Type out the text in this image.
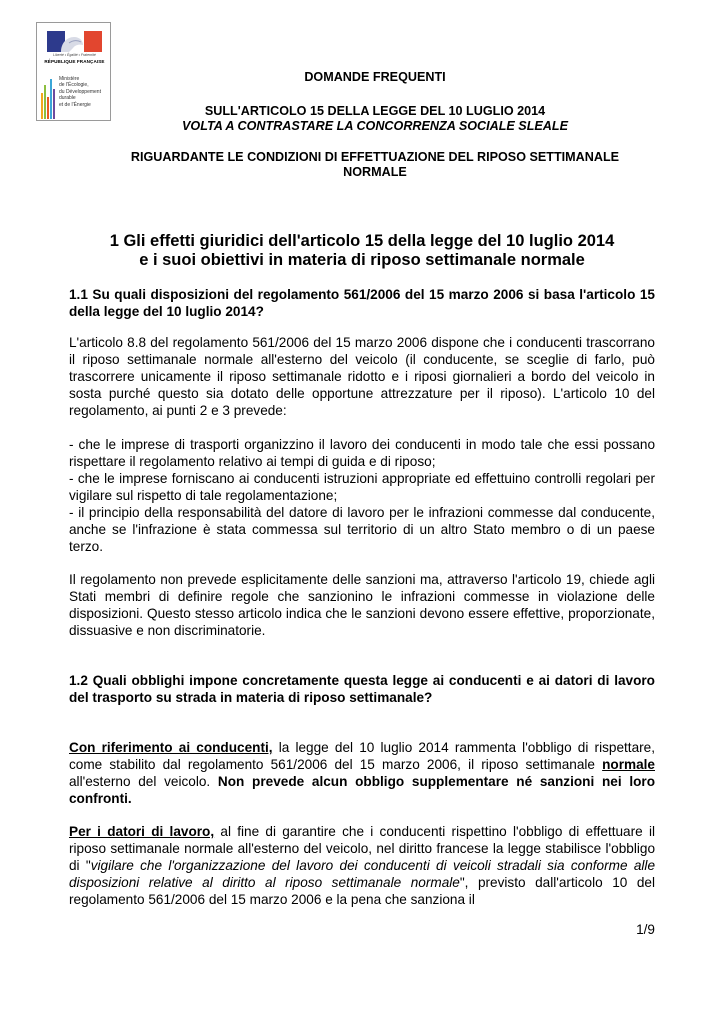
Liberté • Égalité • Fraternité
RÉPUBLIQUE FRANÇAISE
Ministère
de l'Écologie,
du Développement
durable
et de l'Énergie
DOMANDE FREQUENTI
SULL'ARTICOLO 15 DELLA LEGGE DEL 10 LUGLIO 2014
VOLTA A CONTRASTARE LA CONCORRENZA SOCIALE SLEALE
RIGUARDANTE LE CONDIZIONI DI EFFETTUAZIONE DEL RIPOSO SETTIMANALE
NORMALE
1 Gli effetti giuridici dell'articolo 15 della legge del 10 luglio 2014
e i suoi obiettivi in materia di riposo settimanale normale
1.1 Su quali disposizioni del regolamento 561/2006 del 15 marzo 2006 si basa l'articolo 15 della legge del 10 luglio 2014?
L'articolo 8.8 del regolamento 561/2006 del 15 marzo 2006 dispone che i conducenti trascorrano il riposo settimanale normale all'esterno del veicolo (il conducente, se sceglie di farlo, può trascorrere unicamente il riposo settimanale ridotto e i riposi giornalieri a bordo del veicolo in sosta purché questo sia dotato delle opportune attrezzature per il riposo). L'articolo 10 del regolamento, ai punti 2 e 3 prevede:
- che le imprese di trasporti organizzino il lavoro dei conducenti in modo tale che essi possano rispettare il regolamento relativo ai tempi di guida e di riposo;
- che le imprese forniscano ai conducenti istruzioni appropriate ed effettuino controlli regolari per vigilare sul rispetto di tale regolamentazione;
- il principio della responsabilità del datore di lavoro per le infrazioni commesse dal conducente, anche se l'infrazione è stata commessa sul territorio di un altro Stato membro o di un paese terzo.
Il regolamento non prevede esplicitamente delle sanzioni ma, attraverso l'articolo 19, chiede agli Stati membri di definire regole che sanzionino le infrazioni commesse in violazione delle disposizioni. Questo stesso articolo indica che le sanzioni devono essere effettive, proporzionate, dissuasive e non discriminatorie.
1.2 Quali obblighi impone concretamente questa legge ai conducenti e ai datori di lavoro del trasporto su strada in materia di riposo settimanale?
Con riferimento ai conducenti, la legge del 10 luglio 2014 rammenta l'obbligo di rispettare, come stabilito dal regolamento 561/2006 del 15 marzo 2006, il riposo settimanale normale all'esterno del veicolo. Non prevede alcun obbligo supplementare né sanzioni nei loro confronti.
Per i datori di lavoro, al fine di garantire che i conducenti rispettino l'obbligo di effettuare il riposo settimanale normale all'esterno del veicolo, nel diritto francese la legge stabilisce l'obbligo di "vigilare che l'organizzazione del lavoro dei conducenti di veicoli stradali sia conforme alle disposizioni relative al diritto al riposo settimanale normale", previsto dall'articolo 10 del regolamento 561/2006 del 15 marzo 2006 e la pena che sanziona il
1/9
